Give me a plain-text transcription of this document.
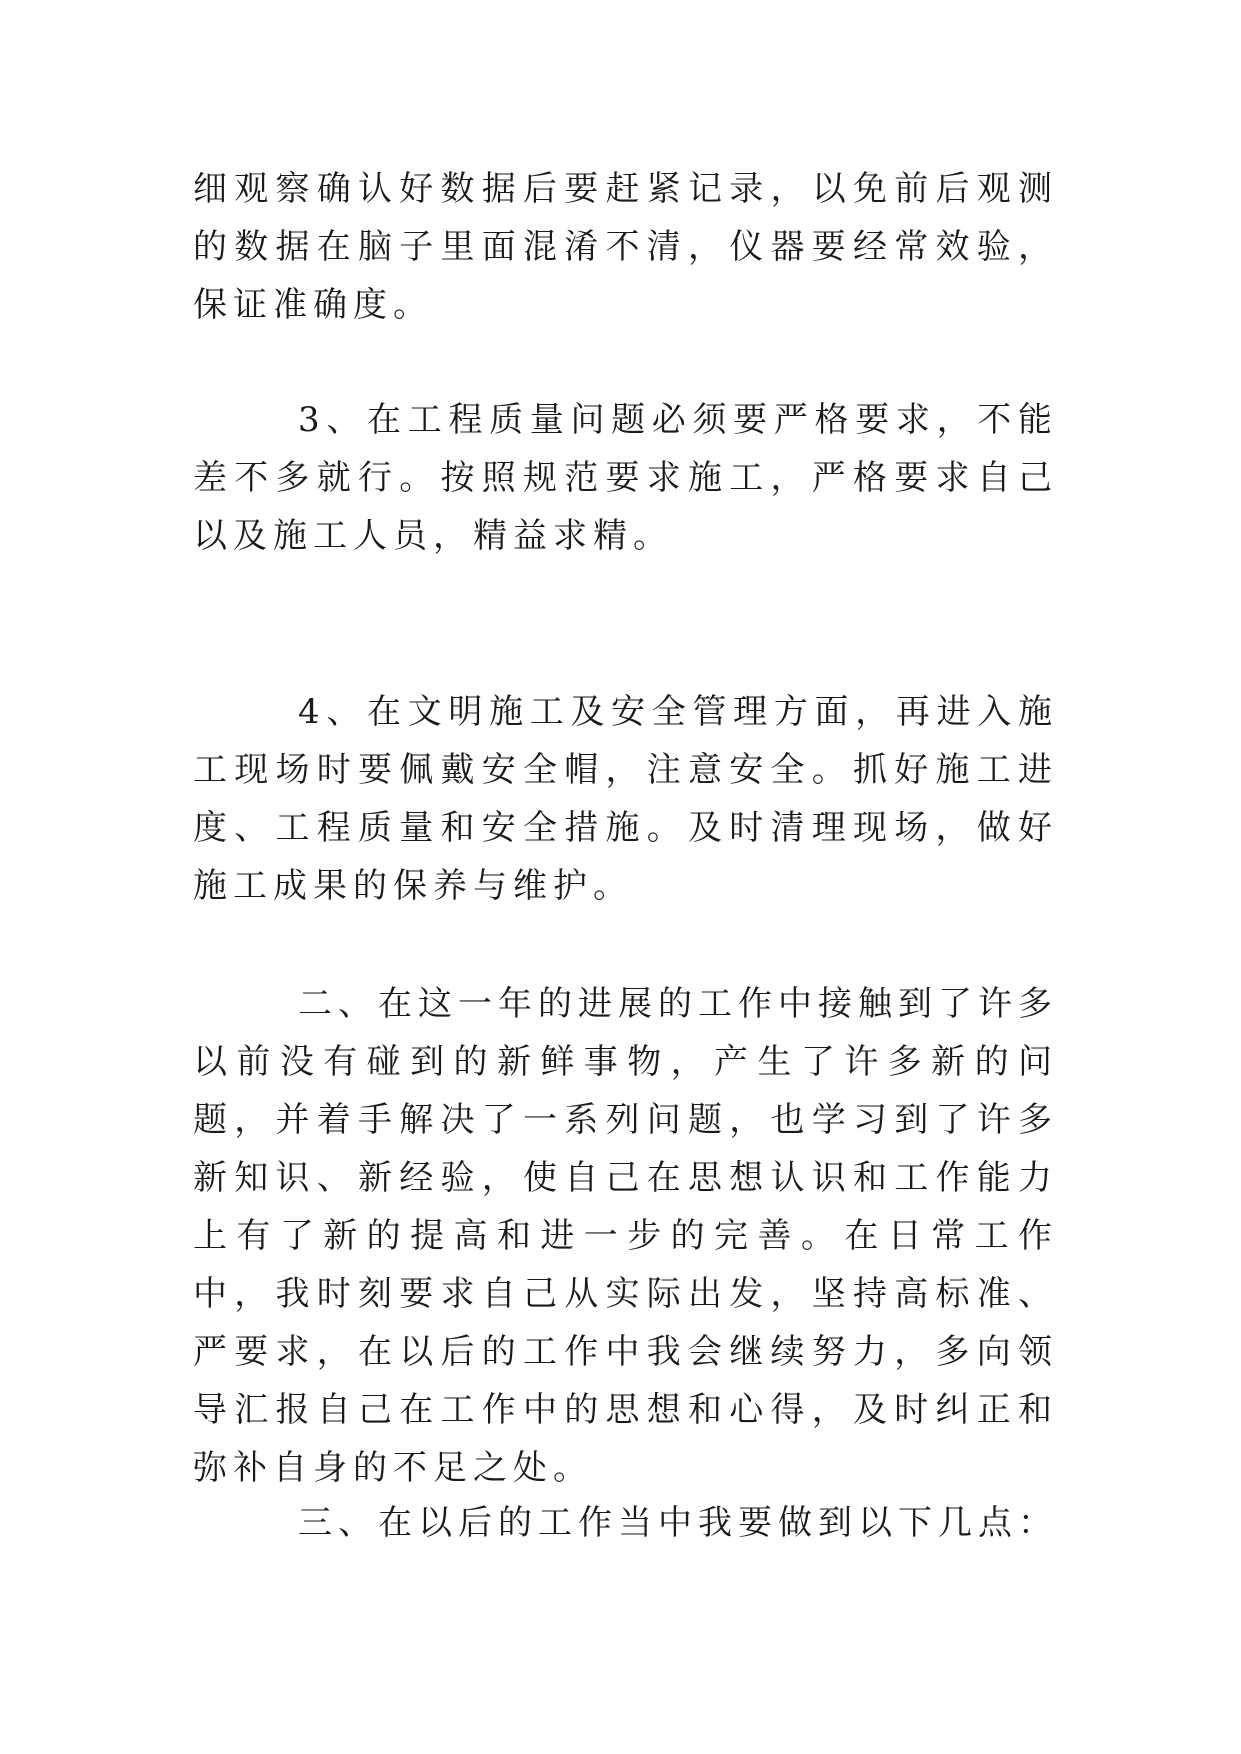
细观察确认好数据后要赶紧记录，以免前后观测的数据在脑子里面混淆不清，仪器要经常效验，保证准确度。

3、在工程质量问题必须要严格要求，不能差不多就行。按照规范要求施工，严格要求自己以及施工人员，精益求精。

4、在文明施工及安全管理方面，再进入施工现场时要佩戴安全帽，注意安全。抓好施工进度、工程质量和安全措施。及时清理现场，做好施工成果的保养与维护。

二、在这一年的进展的工作中接触到了许多以前没有碰到的新鲜事物，产生了许多新的问题，并着手解决了一系列问题，也学习到了许多新知识、新经验，使自己在思想认识和工作能力上有了新的提高和进一步的完善。在日常工作中，我时刻要求自己从实际出发，坚持高标准、严要求，在以后的工作中我会继续努力，多向领导汇报自己在工作中的思想和心得，及时纠正和弥补自身的不足之处。

三、在以后的工作当中我要做到以下几点：
